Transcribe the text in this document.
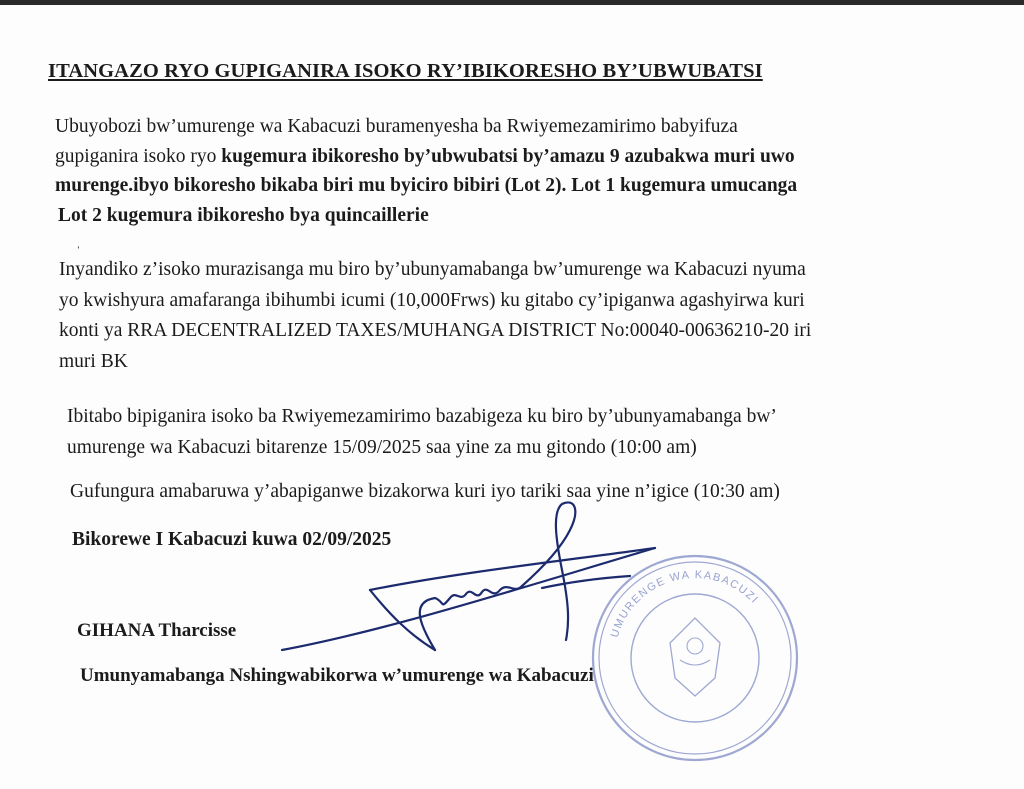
ITANGAZO RYO GUPIGANIRA ISOKO RY’IBIKORESHO BY’UBWUBATSI
Ubuyobozi bw’umurenge wa Kabacuzi buramenyesha ba Rwiyemezamirimo babyifuza
gupiganira isoko ryo kugemura ibikoresho by’ubwubatsi by’amazu 9 azubakwa muri uwo
murenge.ibyo bikoresho bikaba biri mu byiciro bibiri (Lot 2). Lot 1 kugemura umucanga
Lot 2 kugemura ibikoresho bya quincaillerie
ˈ
Inyandiko z’isoko murazisanga mu biro by’ubunyamabanga bw’umurenge wa Kabacuzi nyuma
yo kwishyura amafaranga ibihumbi icumi (10,000Frws) ku gitabo cy’ipiganwa agashyirwa kuri
konti ya RRA DECENTRALIZED TAXES/MUHANGA DISTRICT No:00040-00636210-20 iri
muri BK
Ibitabo bipiganira isoko ba Rwiyemezamirimo bazabigeza ku biro by’ubunyamabanga bw’
umurenge wa Kabacuzi bitarenze 15/09/2025 saa yine za mu gitondo (10:00 am)
Gufungura amabaruwa y’abapiganwe bizakorwa kuri iyo tariki saa yine n’igice (10:30 am)
Bikorewe I Kabacuzi kuwa 02/09/2025
GIHANA Tharcisse
Umunyamabanga Nshingwabikorwa w’umurenge wa Kabacuzi
UMURENGE WA KABACUZI
